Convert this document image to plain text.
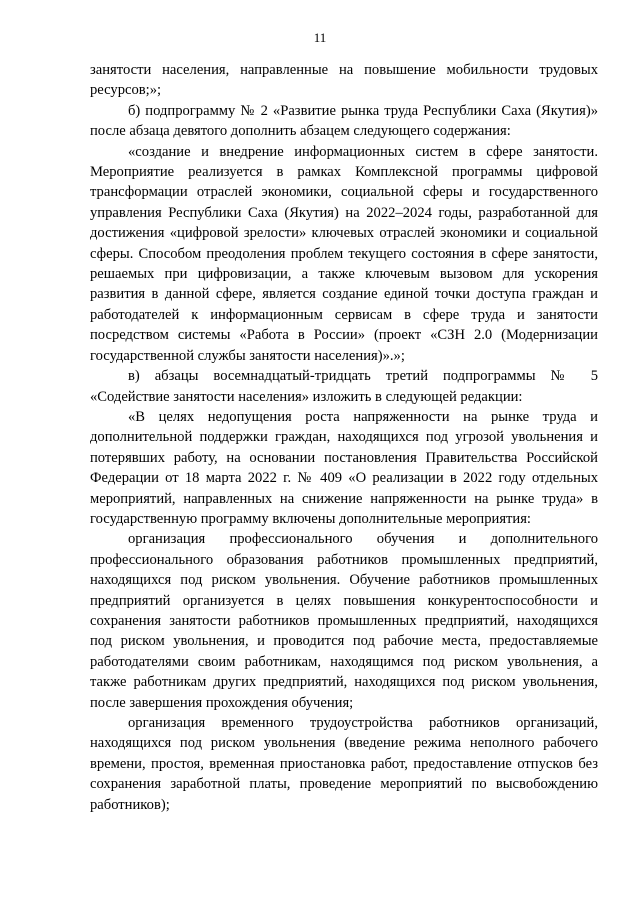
11

занятости населения, направленные на повышение мобильности трудовых ресурсов;»;

б) подпрограмму № 2 «Развитие рынка труда Республики Саха (Якутия)» после абзаца девятого дополнить абзацем следующего содержания:

«создание и внедрение информационных систем в сфере занятости. Мероприятие реализуется в рамках Комплексной программы цифровой трансформации отраслей экономики, социальной сферы и государственного управления Республики Саха (Якутия) на 2022–2024 годы, разработанной для достижения «цифровой зрелости» ключевых отраслей экономики и социальной сферы. Способом преодоления проблем текущего состояния в сфере занятости, решаемых при цифровизации, а также ключевым вызовом для ускорения развития в данной сфере, является создание единой точки доступа граждан и работодателей к информационным сервисам в сфере труда и занятости посредством системы «Работа в России» (проект «СЗН 2.0 (Модернизации государственной службы занятости населения)».»;

в) абзацы восемнадцатый-тридцать третий подпрограммы № 5 «Содействие занятости населения» изложить в следующей редакции:

«В целях недопущения роста напряженности на рынке труда и дополнительной поддержки граждан, находящихся под угрозой увольнения и потерявших работу, на основании постановления Правительства Российской Федерации от 18 марта 2022 г. № 409 «О реализации в 2022 году отдельных мероприятий, направленных на снижение напряженности на рынке труда» в государственную программу включены дополнительные мероприятия:

организация профессионального обучения и дополнительного профессионального образования работников промышленных предприятий, находящихся под риском увольнения. Обучение работников промышленных предприятий организуется в целях повышения конкурентоспособности и сохранения занятости работников промышленных предприятий, находящихся под риском увольнения, и проводится под рабочие места, предоставляемые работодателями своим работникам, находящимся под риском увольнения, а также работникам других предприятий, находящихся под риском увольнения, после завершения прохождения обучения;

организация временного трудоустройства работников организаций, находящихся под риском увольнения (введение режима неполного рабочего времени, простоя, временная приостановка работ, предоставление отпусков без сохранения заработной платы, проведение мероприятий по высвобождению работников);
